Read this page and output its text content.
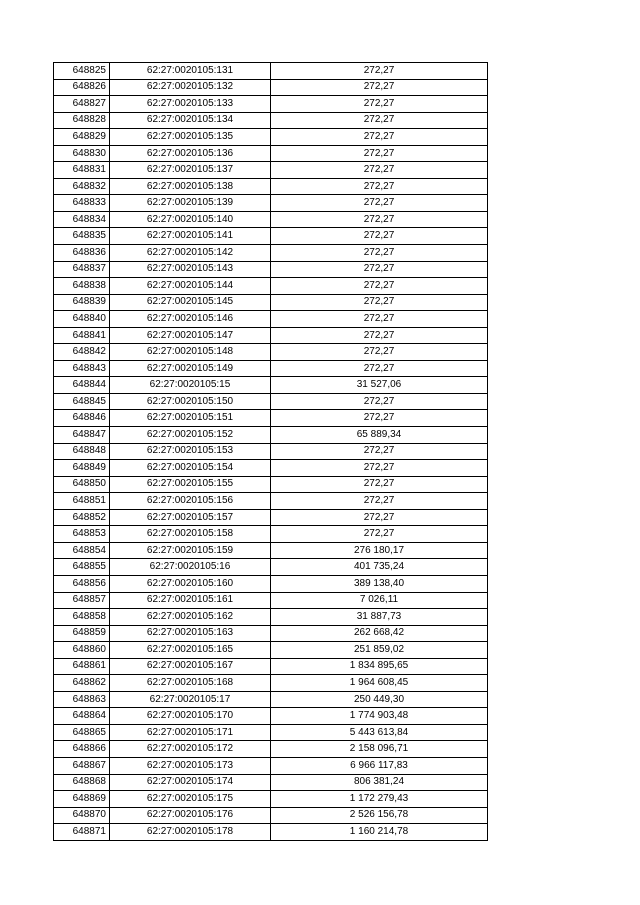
648825	62:27:0020105:131	272,27
648826	62:27:0020105:132	272,27
648827	62:27:0020105:133	272,27
648828	62:27:0020105:134	272,27
648829	62:27:0020105:135	272,27
648830	62:27:0020105:136	272,27
648831	62:27:0020105:137	272,27
648832	62:27:0020105:138	272,27
648833	62:27:0020105:139	272,27
648834	62:27:0020105:140	272,27
648835	62:27:0020105:141	272,27
648836	62:27:0020105:142	272,27
648837	62:27:0020105:143	272,27
648838	62:27:0020105:144	272,27
648839	62:27:0020105:145	272,27
648840	62:27:0020105:146	272,27
648841	62:27:0020105:147	272,27
648842	62:27:0020105:148	272,27
648843	62:27:0020105:149	272,27
648844	62:27:0020105:15	31 527,06
648845	62:27:0020105:150	272,27
648846	62:27:0020105:151	272,27
648847	62:27:0020105:152	65 889,34
648848	62:27:0020105:153	272,27
648849	62:27:0020105:154	272,27
648850	62:27:0020105:155	272,27
648851	62:27:0020105:156	272,27
648852	62:27:0020105:157	272,27
648853	62:27:0020105:158	272,27
648854	62:27:0020105:159	276 180,17
648855	62:27:0020105:16	401 735,24
648856	62:27:0020105:160	389 138,40
648857	62:27:0020105:161	7 026,11
648858	62:27:0020105:162	31 887,73
648859	62:27:0020105:163	262 668,42
648860	62:27:0020105:165	251 859,02
648861	62:27:0020105:167	1 834 895,65
648862	62:27:0020105:168	1 964 608,45
648863	62:27:0020105:17	250 449,30
648864	62:27:0020105:170	1 774 903,48
648865	62:27:0020105:171	5 443 613,84
648866	62:27:0020105:172	2 158 096,71
648867	62:27:0020105:173	6 966 117,83
648868	62:27:0020105:174	806 381,24
648869	62:27:0020105:175	1 172 279,43
648870	62:27:0020105:176	2 526 156,78
648871	62:27:0020105:178	1 160 214,78
